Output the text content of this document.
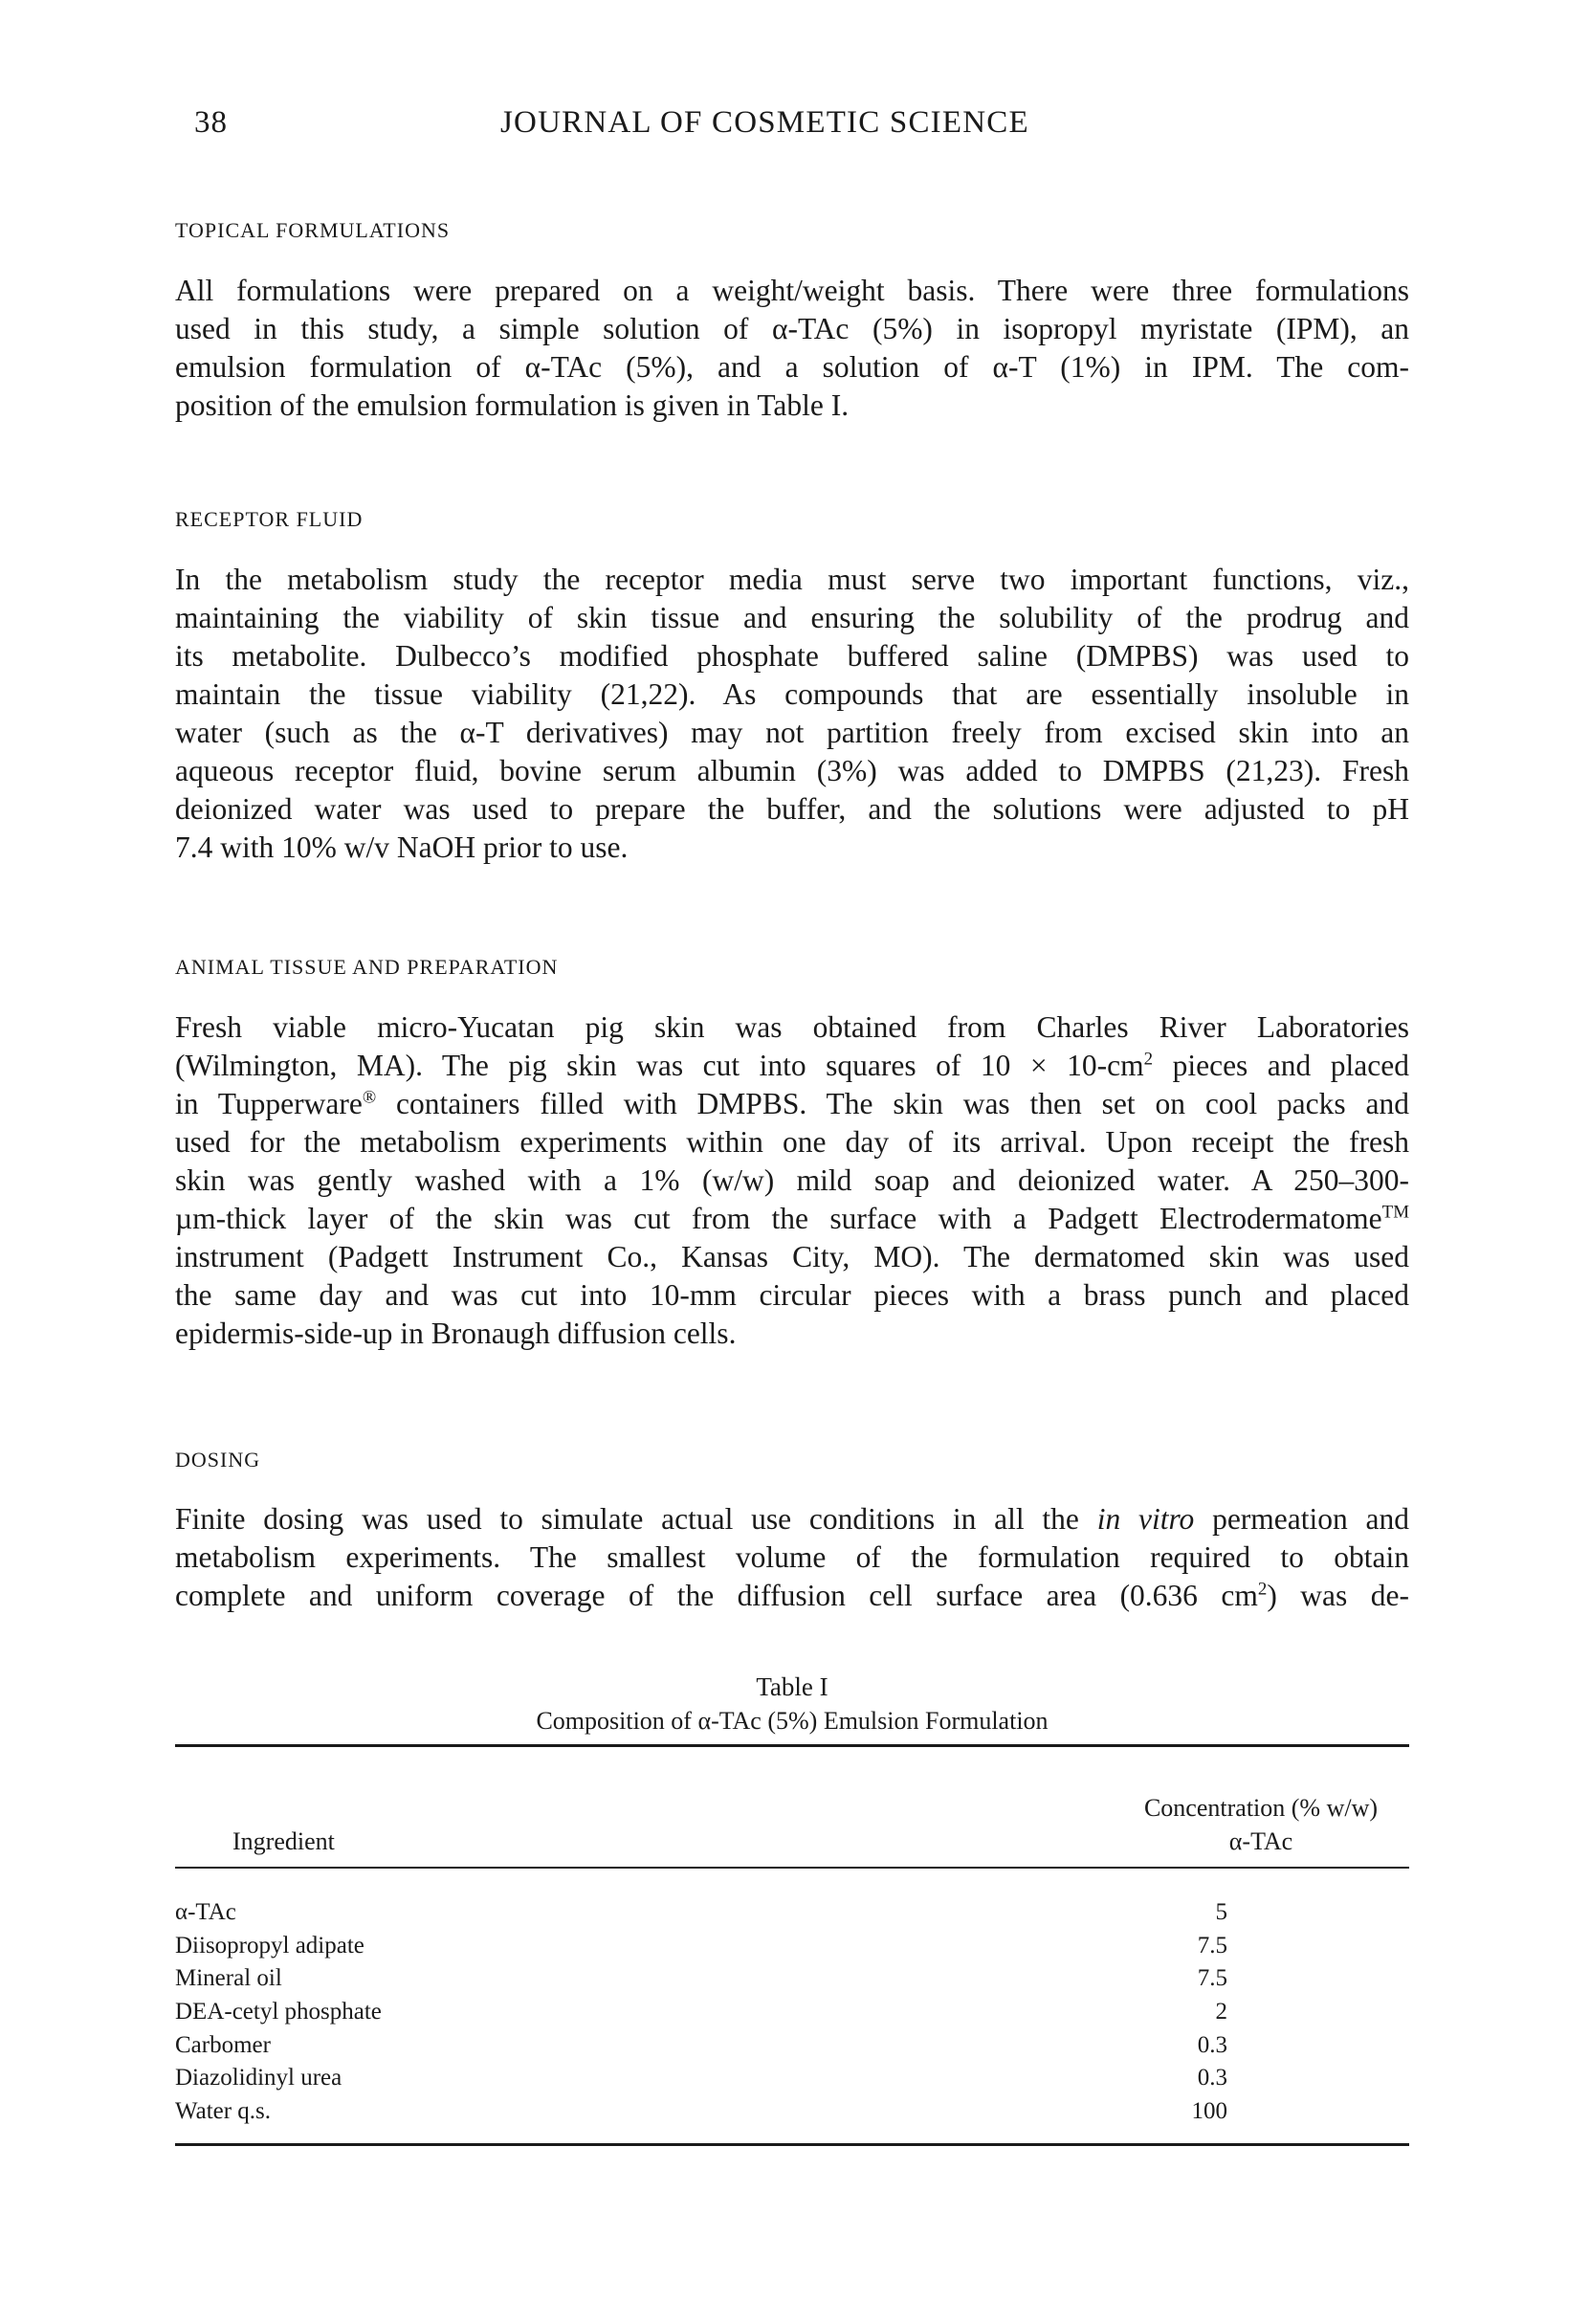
38	JOURNAL OF COSMETIC SCIENCE
TOPICAL FORMULATIONS
All formulations were prepared on a weight/weight basis. There were three formulations
used in this study, a simple solution of α-TAc (5%) in isopropyl myristate (IPM), an
emulsion formulation of α-TAc (5%), and a solution of α-T (1%) in IPM. The com-
position of the emulsion formulation is given in Table I.
RECEPTOR FLUID
In the metabolism study the receptor media must serve two important functions, viz.,
maintaining the viability of skin tissue and ensuring the solubility of the prodrug and
its metabolite. Dulbecco’s modified phosphate buffered saline (DMPBS) was used to
maintain the tissue viability (21,22). As compounds that are essentially insoluble in
water (such as the α-T derivatives) may not partition freely from excised skin into an
aqueous receptor fluid, bovine serum albumin (3%) was added to DMPBS (21,23). Fresh
deionized water was used to prepare the buffer, and the solutions were adjusted to pH
7.4 with 10% w/v NaOH prior to use.
ANIMAL TISSUE AND PREPARATION
Fresh viable micro-Yucatan pig skin was obtained from Charles River Laboratories
(Wilmington, MA). The pig skin was cut into squares of $10 \times 10-cm^2$ pieces and placed
in Tupperware® containers filled with DMPBS. The skin was then set on cool packs and
used for the metabolism experiments within one day of its arrival. Upon receipt the fresh
skin was gently washed with a 1% (w/w) mild soap and deionized water. A 250–300-
µm-thick layer of the skin was cut from the surface with a Padgett Electrodermatome™
instrument (Padgett Instrument Co., Kansas City, MO). The dermatomed skin was used
the same day and was cut into 10-mm circular pieces with a brass punch and placed
epidermis-side-up in Bronaugh diffusion cells.
DOSING
Finite dosing was used to simulate actual use conditions in all the in vitro permeation and
metabolism experiments. The smallest volume of the formulation required to obtain
complete and uniform coverage of the diffusion cell surface area (0.636 $cm^2$) was de-
Table I
Composition of α-TAc (5%) Emulsion Formulation
Concentration (% w/w)
Ingredient	α-TAc
α-TAc	5
Diisopropyl adipate	7.5
Mineral oil	7.5
DEA-cetyl phosphate	2
Carbomer	0.3
Diazolidinyl urea	0.3
Water q.s.	100
